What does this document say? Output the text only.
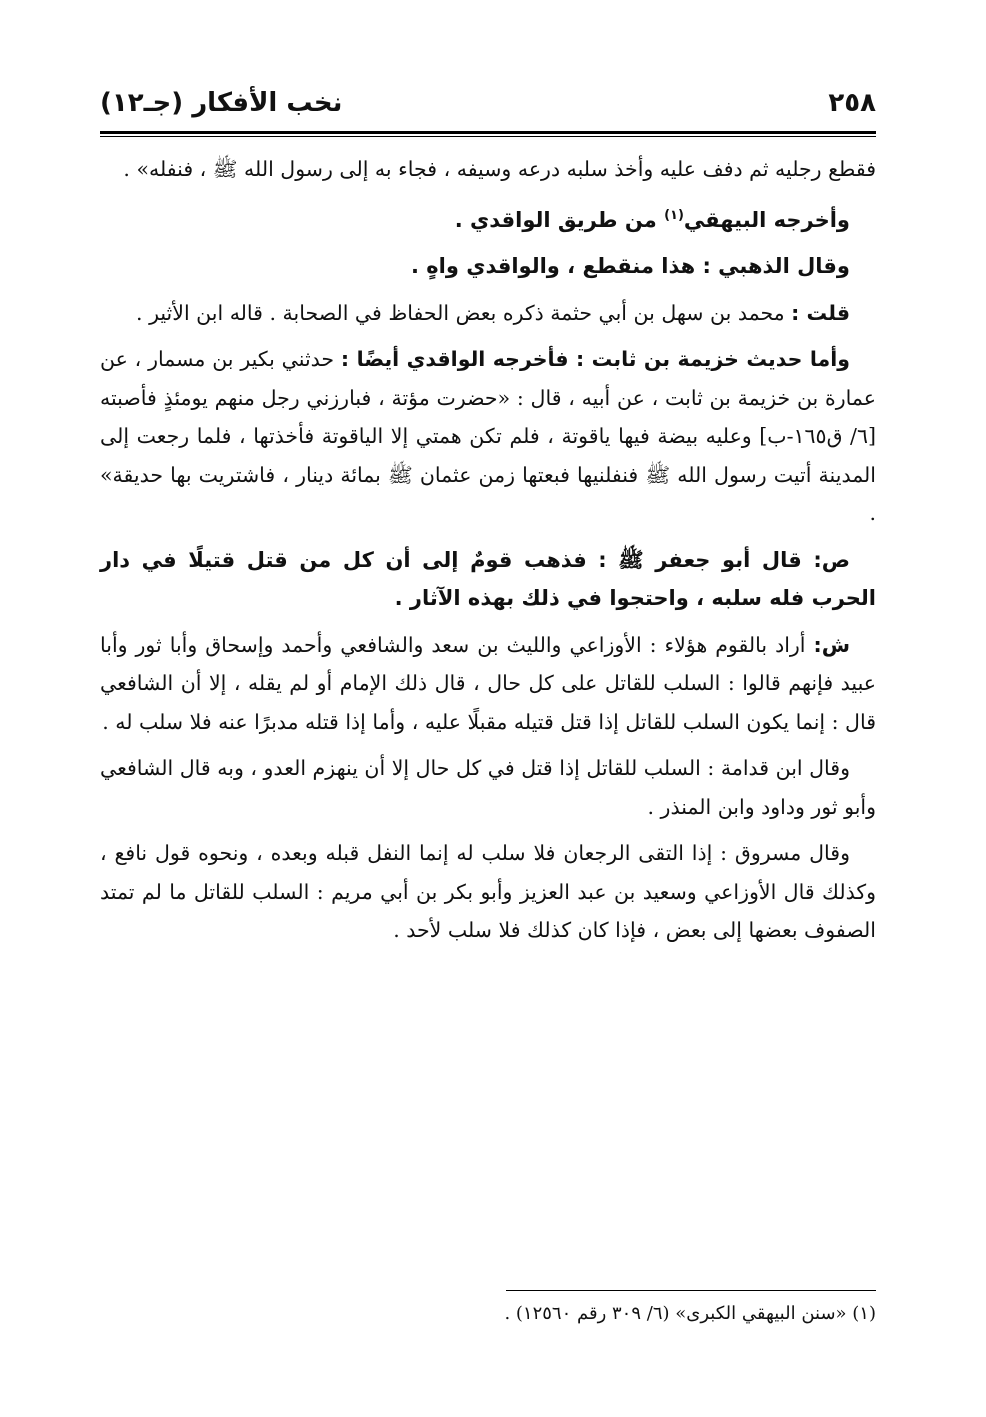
٢٥٨
نخب الأفكار (جـ١٢)

فقطع رجليه ثم دفف عليه وأخذ سلبه درعه وسيفه ، فجاء به إلى رسول الله ﷺ ، فنفله» .

وأخرجه البيهقي$^{(١)}$ من طريق الواقدي .

وقال الذهبي : هذا منقطع ، والواقدي واهٍ .

قلت : محمد بن سهل بن أبي حثمة ذكره بعض الحفاظ في الصحابة . قاله ابن الأثير .

وأما حديث خزيمة بن ثابت : فأخرجه الواقدي أيضًا : حدثني بكير بن مسمار ، عن عمارة بن خزيمة بن ثابت ، عن أبيه ، قال : «حضرت مؤتة ، فبارزني رجل منهم يومئذٍ فأصبته [٦/ ق١٦٥-ب] وعليه بيضة فيها ياقوتة ، فلم تكن همتي إلا الياقوتة فأخذتها ، فلما رجعت إلى المدينة أتيت رسول الله ﷺ فنفلنيها فبعتها زمن عثمان ﷺ بمائة دينار ، فاشتريت بها حديقة» .

ص: قال أبو جعفر ﷺ : فذهب قومٌ إلى أن كل من قتل قتيلًا في دار الحرب فله سلبه ، واحتجوا في ذلك بهذه الآثار .

ش: أراد بالقوم هؤلاء : الأوزاعي والليث بن سعد والشافعي وأحمد وإسحاق وأبا ثور وأبا عبيد فإنهم قالوا : السلب للقاتل على كل حال ، قال ذلك الإمام أو لم يقله ، إلا أن الشافعي قال : إنما يكون السلب للقاتل إذا قتل قتيله مقبلًا عليه ، وأما إذا قتله مدبرًا عنه فلا سلب له .

وقال ابن قدامة : السلب للقاتل إذا قتل في كل حال إلا أن ينهزم العدو ، وبه قال الشافعي وأبو ثور وداود وابن المنذر .

وقال مسروق : إذا التقى الرجعان فلا سلب له إنما النفل قبله وبعده ، ونحوه قول نافع ، وكذلك قال الأوزاعي وسعيد بن عبد العزيز وأبو بكر بن أبي مريم : السلب للقاتل ما لم تمتد الصفوف بعضها إلى بعض ، فإذا كان كذلك فلا سلب لأحد .

(١) «سنن البيهقي الكبرى» (٦/ ٣٠٩ رقم ١٢٥٦٠) .
